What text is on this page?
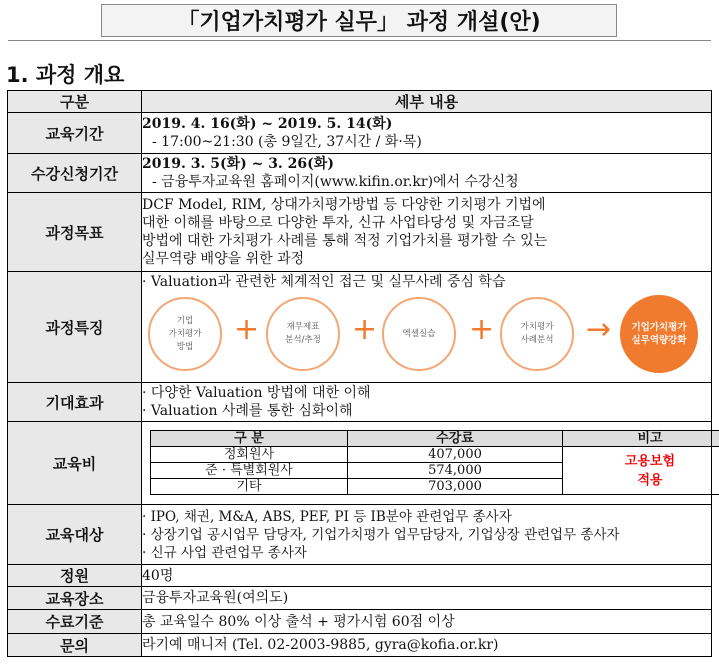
「기업가치평가 실무」 과정 개설(안)
1. 과정 개요
구분	세부 내용
교육기간	
2019. 4. 16(화) ~ 2019. 5. 14(화)
- 17:00~21:30 (총 9일간, 37시간 / 화·목)

수강신청기간	
2019. 3. 5(화) ~ 3. 26(화)
- 금융투자교육원 홈페이지(www.kifin.or.kr)에서 수강신청

과정목표	
DCF Model, RIM, 상대가치평가방법 등 다양한 기치평가 기법에
대한 이해를 바탕으로 다양한 투자, 신규 사업타당성 및 자금조달
방법에 대한 가치평가 사례를 통해 적정 기업가치를 평가할 수 있는
실무역량 배양을 위한 과정

과정특징	
· Valuation과 관련한 체계적인 접근 및 실무사례 중심 학습
기업
가치평가
방법 +	재무제표
분석/추정 +	엑셀실습 +	가치평가
사례분석 → 기업가치평가
실무역량강화

기대효과	
· 다양한 Valuation 방법에 대한 이해
· Valuation 사례를 통한 심화이해

교육비	
구 분	수강료	비고
정회원사	407,000	고용보험
적용
준 · 특별회원사	574,000
기타	703,000

교육대상	
· IPO, 채권, M&A, ABS, PEF, PI 등 IB분야 관련업무 종사자
· 상장기업 공시업무 담당자, 기업가치평가 업무담당자, 기업상장 관련업무 종사자
· 신규 사업 관련업무 종사자

정원	40명
교육장소	금융투자교육원(여의도)
수료기준	총 교육일수 80% 이상 출석 + 평가시험 60점 이상
문의	라기예 매니저 (Tel. 02-2003-9885, gyra@kofia.or.kr)
